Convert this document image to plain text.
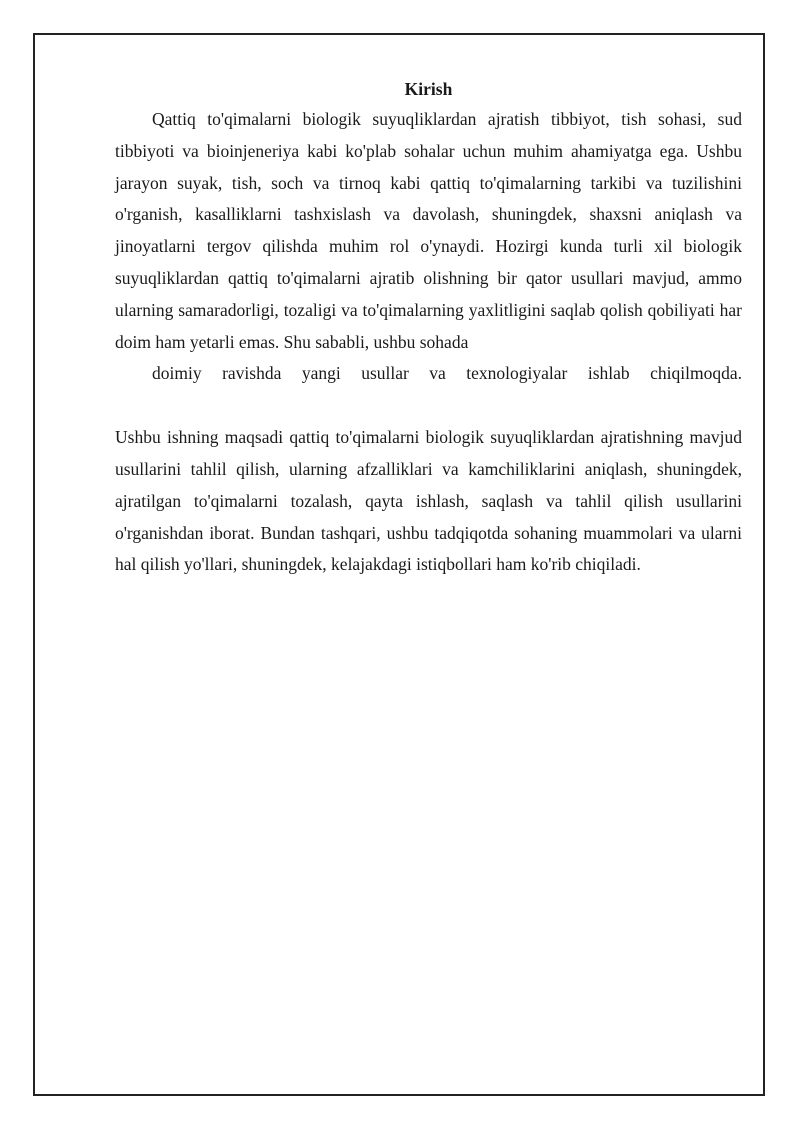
Kirish
Qattiq to'qimalarni biologik suyuqliklardan ajratish tibbiyot, tish sohasi, sud tibbiyoti va bioinjeneriya kabi ko'plab sohalar uchun muhim ahamiyatga ega. Ushbu jarayon suyak, tish, soch va tirnoq kabi qattiq to'qimalarning tarkibi va tuzilishini o'rganish, kasalliklarni tashxislash va davolash, shuningdek, shaxsni aniqlash va jinoyatlarni tergov qilishda muhim rol o'ynaydi. Hozirgi kunda turli xil biologik suyuqliklardan qattiq to'qimalarni ajratib olishning bir qator usullari mavjud, ammo ularning samaradorligi, tozaligi va to'qimalarning yaxlitligini saqlab qolish qobiliyati har doim ham yetarli emas. Shu sababli, ushbu sohada
doimiy ravishda yangi usullar va texnologiyalar ishlab chiqilmoqda.

Ushbu ishning maqsadi qattiq to'qimalarni biologik suyuqliklardan ajratishning mavjud usullarini tahlil qilish, ularning afzalliklari va kamchiliklarini aniqlash, shuningdek, ajratilgan to'qimalarni tozalash, qayta ishlash, saqlash va tahlil qilish usullarini o'rganishdan iborat. Bundan tashqari, ushbu tadqiqotda sohaning muammolari va ularni hal qilish yo'llari, shuningdek, kelajakdagi istiqbollari ham ko'rib chiqiladi.
